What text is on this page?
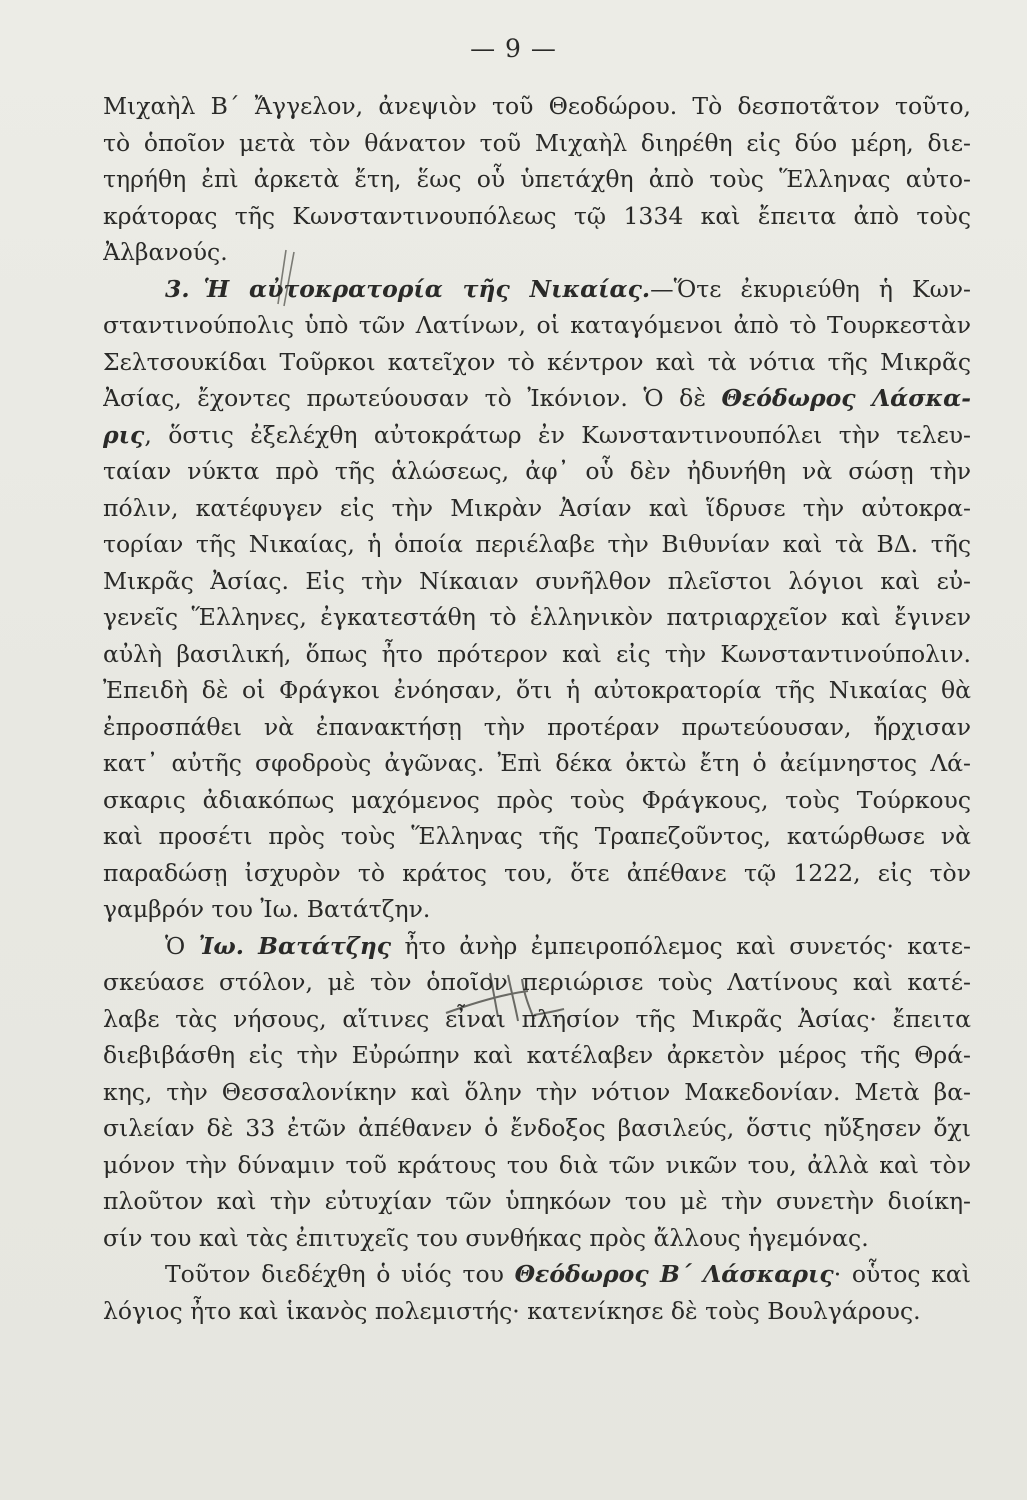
— 9 —
Μιχαὴλ Β΄ Ἄγγελον, ἀνεψιὸν τοῦ Θεοδώρου. Τὸ δεσποτᾶτον τοῦτο,
τὸ ὁποῖον μετὰ τὸν θάνατον τοῦ Μιχαὴλ διηρέθη εἰς δύο μέρη, διε-
τηρήθη ἐπὶ ἀρκετὰ ἔτη, ἕως οὗ ὑπετάχθη ἀπὸ τοὺς Ἕλληνας αὐτο-
κράτορας τῆς Κωνσταντινουπόλεως τῷ 1334 καὶ ἔπειτα ἀπὸ τοὺς
Ἀλβανούς.
3. Ἡ αὐτοκρατορία τῆς Νικαίας.—Ὅτε ἐκυριεύθη ἡ Κων-
σταντινούπολις ὑπὸ τῶν Λατίνων, οἱ καταγόμενοι ἀπὸ τὸ Τουρκεστὰν
Σελτσουκίδαι Τοῦρκοι κατεῖχον τὸ κέντρον καὶ τὰ νότια τῆς Μικρᾶς
Ἀσίας, ἔχοντες πρωτεύουσαν τὸ Ἰκόνιον. Ὁ δὲ Θεόδωρος Λάσκα-
ρις, ὅστις ἐξελέχθη αὐτοκράτωρ ἐν Κωνσταντινουπόλει τὴν τελευ-
ταίαν νύκτα πρὸ τῆς ἁλώσεως, ἀφ᾿ οὗ δὲν ἠδυνήθη νὰ σώσῃ τὴν
πόλιν, κατέφυγεν εἰς τὴν Μικρὰν Ἀσίαν καὶ ἵδρυσε τὴν αὐτοκρα-
τορίαν τῆς Νικαίας, ἡ ὁποία περιέλαβε τὴν Βιθυνίαν καὶ τὰ ΒΔ. τῆς
Μικρᾶς Ἀσίας. Εἰς τὴν Νίκαιαν συνῆλθον πλεῖστοι λόγιοι καὶ εὐ-
γενεῖς Ἕλληνες, ἐγκατεστάθη τὸ ἑλληνικὸν πατριαρχεῖον καὶ ἔγινεν
αὐλὴ βασιλική, ὅπως ἦτο πρότερον καὶ εἰς τὴν Κωνσταντινούπολιν.
Ἐπειδὴ δὲ οἱ Φράγκοι ἐνόησαν, ὅτι ἡ αὐτοκρατορία τῆς Νικαίας θὰ
ἐπροσπάθει νὰ ἐπανακτήσῃ τὴν προτέραν πρωτεύουσαν, ἤρχισαν
κατ᾿ αὐτῆς σφοδροὺς ἀγῶνας. Ἐπὶ δέκα ὀκτὼ ἔτη ὁ ἀείμνηστος Λά-
σκαρις ἀδιακόπως μαχόμενος πρὸς τοὺς Φράγκους, τοὺς Τούρκους
καὶ προσέτι πρὸς τοὺς Ἕλληνας τῆς Τραπεζοῦντος, κατώρθωσε νὰ
παραδώσῃ ἰσχυρὸν τὸ κράτος του, ὅτε ἀπέθανε τῷ 1222, εἰς τὸν
γαμβρόν του Ἰω. Βατάτζην.
Ὁ Ἰω. Βατάτζης ἦτο ἀνὴρ ἐμπειροπόλεμος καὶ συνετός· κατε-
σκεύασε στόλον, μὲ τὸν ὁποῖον περιώρισε τοὺς Λατίνους καὶ κατέ-
λαβε τὰς νήσους, αἵτινες εἶναι πλησίον τῆς Μικρᾶς Ἀσίας· ἔπειτα
διεβιβάσθη εἰς τὴν Εὐρώπην καὶ κατέλαβεν ἀρκετὸν μέρος τῆς Θρά-
κης, τὴν Θεσσαλονίκην καὶ ὅλην τὴν νότιον Μακεδονίαν. Μετὰ βα-
σιλείαν δὲ 33 ἐτῶν ἀπέθανεν ὁ ἔνδοξος βασιλεύς, ὅστις ηὔξησεν ὄχι
μόνον τὴν δύναμιν τοῦ κράτους του διὰ τῶν νικῶν του, ἀλλὰ καὶ τὸν
πλοῦτον καὶ τὴν εὐτυχίαν τῶν ὑπηκόων του μὲ τὴν συνετὴν διοίκη-
σίν του καὶ τὰς ἐπιτυχεῖς του συνθήκας πρὸς ἄλλους ἡγεμόνας.
Τοῦτον διεδέχθη ὁ υἱός του Θεόδωρος Β΄ Λάσκαρις· οὗτος καὶ
λόγιος ἦτο καὶ ἱκανὸς πολεμιστής· κατενίκησε δὲ τοὺς Βουλγάρους.
